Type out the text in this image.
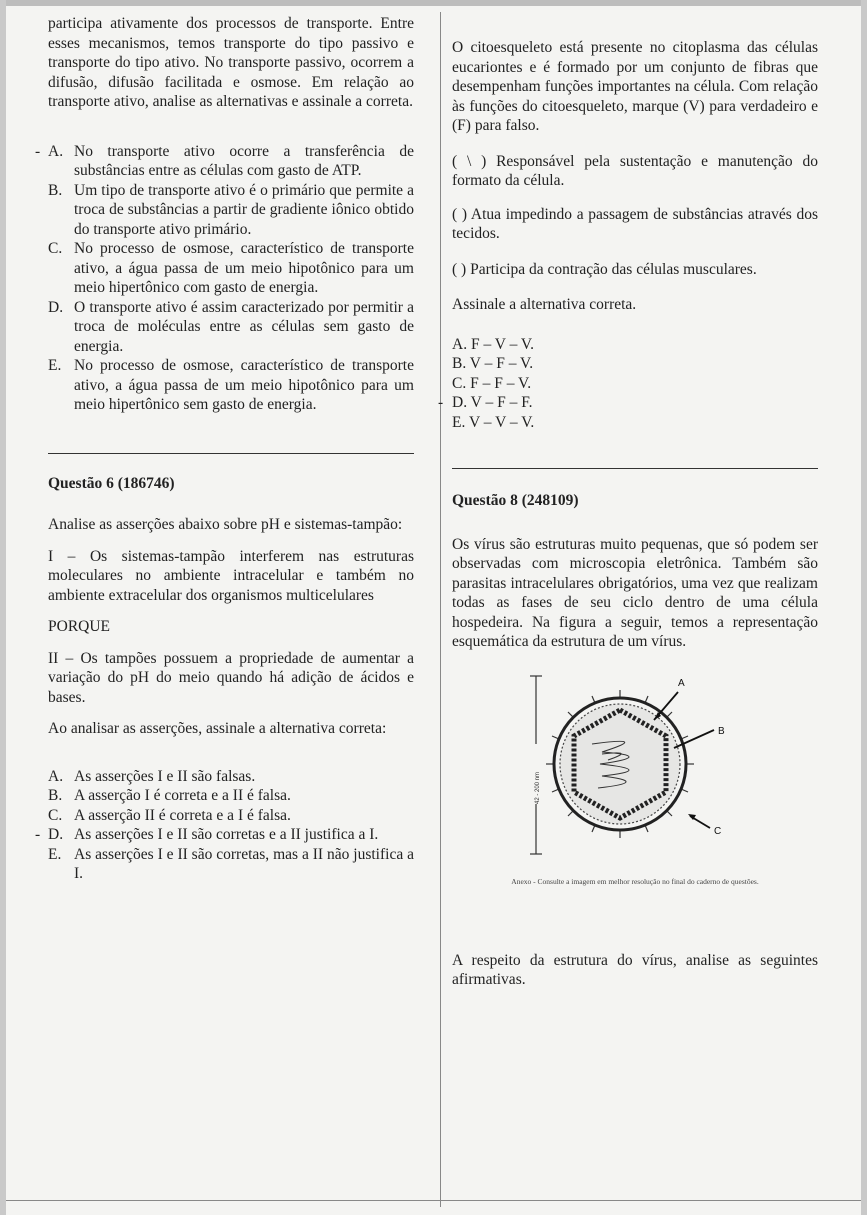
participa ativamente dos processos de transporte. Entre esses mecanismos, temos transporte do tipo passivo e transporte do tipo ativo. No transporte passivo, ocorrem a difusão, difusão facilitada e osmose. Em relação ao transporte ativo, analise as alternativas e assinale a correta.

- A. No transporte ativo ocorre a transferência de substâncias entre as células com gasto de ATP.

B. Um tipo de transporte ativo é o primário que permite a troca de substâncias a partir de gradiente iônico obtido do transporte ativo primário.

C. No processo de osmose, característico de transporte ativo, a água passa de um meio hipotônico para um meio hipertônico com gasto de energia.

D. O transporte ativo é assim caracterizado por permitir a troca de moléculas entre as células sem gasto de energia.

E. No processo de osmose, característico de transporte ativo, a água passa de um meio hipotônico para um meio hipertônico sem gasto de energia.

Questão 6 (186746)

Analise as asserções abaixo sobre pH e sistemas-tampão:

I – Os sistemas-tampão interferem nas estruturas moleculares no ambiente intracelular e também no ambiente extracelular dos organismos multicelulares

PORQUE

II – Os tampões possuem a propriedade de aumentar a variação do pH do meio quando há adição de ácidos e bases.

Ao analisar as asserções, assinale a alternativa correta:

A. As asserções I e II são falsas.

B. A asserção I é correta e a II é falsa.

C. A asserção II é correta e a I é falsa.

- D. As asserções I e II são corretas e a II justifica a I.

E. As asserções I e II são corretas, mas a II não justifica a I.

O citoesqueleto está presente no citoplasma das células eucariontes e é formado por um conjunto de fibras que desempenham funções importantes na célula. Com relação às funções do citoesqueleto, marque (V) para verdadeiro e (F) para falso.

( \ ) Responsável pela sustentação e manutenção do formato da célula.

( ) Atua impedindo a passagem de substâncias através dos tecidos.

( ) Participa da contração das células musculares.

Assinale a alternativa correta.

A. F – V – V.

B. V – F – V.

C. F – F – V.

- D. V – F – F.

E. V – V – V.

Questão 8 (248109)

Os vírus são estruturas muito pequenas, que só podem ser observadas com microscopia eletrônica. Também são parasitas intracelulares obrigatórios, uma vez que realizam todas as fases de seu ciclo dentro de uma célula hospedeira. Na figura a seguir, temos a representação esquemática da estrutura de um vírus.

42 - 200 nm
A
B
C

Anexo - Consulte a imagem em melhor resolução no final do caderno de questões.

A respeito da estrutura do vírus, analise as seguintes afirmativas.
